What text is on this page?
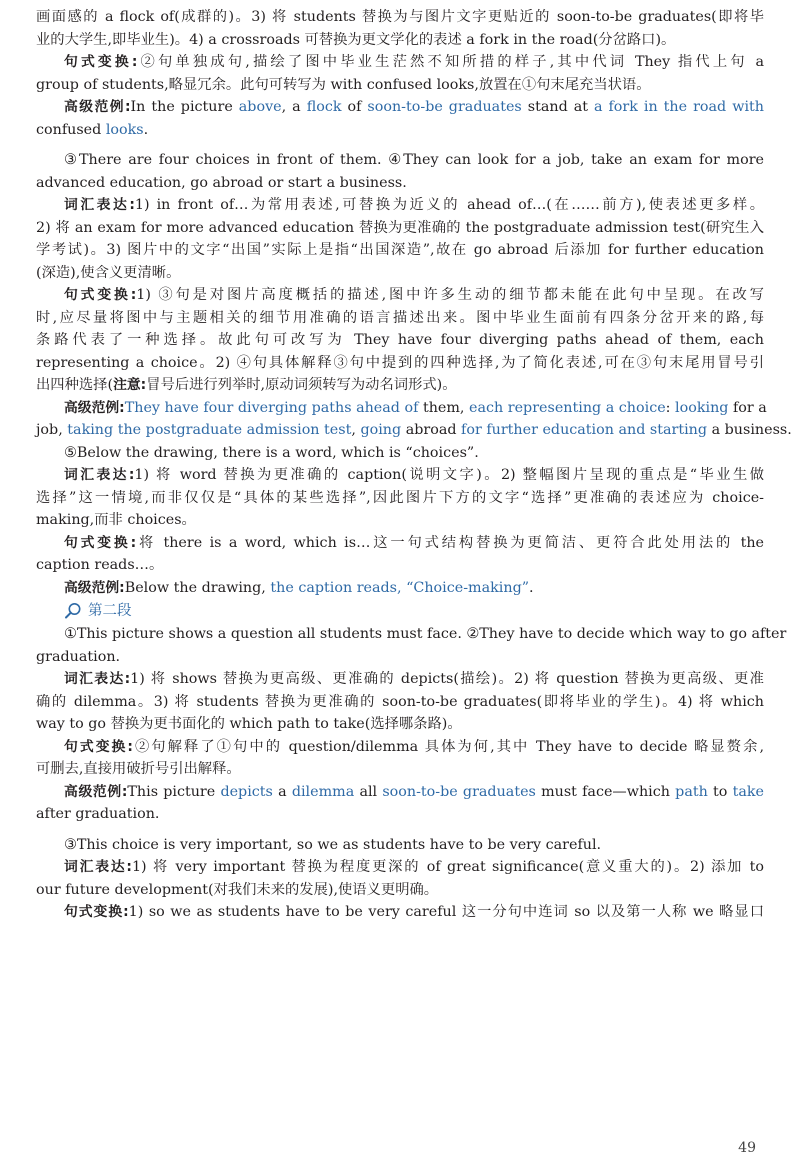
画面感的 a flock of(成群的)。3) 将 students 替换为与图片文字更贴近的 soon-to-be graduates(即将毕
业的大学生,即毕业生)。4) a crossroads 可替换为更文学化的表述 a fork in the road(分岔路口)。
句式变换:②句单独成句,描绘了图中毕业生茫然不知所措的样子,其中代词 They 指代上句 a
group of students,略显冗余。此句可转写为 with confused looks,放置在①句末尾充当状语。
高级范例:In the picture above, a flock of soon-to-be graduates stand at a fork in the road with
confused looks.
③There are four choices in front of them. ④They can look for a job, take an exam for more
advanced education, go abroad or start a business.
词汇表达:1) in front of…为常用表述,可替换为近义的 ahead of…(在……前方),使表述更多样。
2) 将 an exam for more advanced education 替换为更准确的 the postgraduate admission test(研究生入
学考试)。3) 图片中的文字“出国”实际上是指“出国深造”,故在 go abroad 后添加 for further education
(深造),使含义更清晰。
句式变换:1) ③句是对图片高度概括的描述,图中许多生动的细节都未能在此句中呈现。在改写
时,应尽量将图中与主题相关的细节用准确的语言描述出来。图中毕业生面前有四条分岔开来的路,每
条路代表了一种选择。故此句可改写为 They have four diverging paths ahead of them, each
representing a choice。2) ④句具体解释③句中提到的四种选择,为了简化表述,可在③句末尾用冒号引
出四种选择(注意:冒号后进行列举时,原动词须转写为动名词形式)。
高级范例:They have four diverging paths ahead of them, each representing a choice: looking for a
job, taking the postgraduate admission test, going abroad for further education and starting a business.
⑤Below the drawing, there is a word, which is “choices”.
词汇表达:1) 将 word 替换为更准确的 caption(说明文字)。2) 整幅图片呈现的重点是“毕业生做
选择”这一情境,而非仅仅是“具体的某些选择”,因此图片下方的文字“选择”更准确的表述应为 choice-
making,而非 choices。
句式变换:将 there is a word, which is…这一句式结构替换为更简洁、更符合此处用法的 the
caption reads…。
高级范例:Below the drawing, the caption reads, “Choice-making”.
第二段
①This picture shows a question all students must face. ②They have to decide which way to go after
graduation.
词汇表达:1) 将 shows 替换为更高级、更准确的 depicts(描绘)。2) 将 question 替换为更高级、更准
确的 dilemma。3) 将 students 替换为更准确的 soon-to-be graduates(即将毕业的学生)。4) 将 which
way to go 替换为更书面化的 which path to take(选择哪条路)。
句式变换:②句解释了①句中的 question/dilemma 具体为何,其中 They have to decide 略显赘余,
可删去,直接用破折号引出解释。
高级范例:This picture depicts a dilemma all soon-to-be graduates must face—which path to take
after graduation.
③This choice is very important, so we as students have to be very careful.
词汇表达:1) 将 very important 替换为程度更深的 of great significance(意义重大的)。2) 添加 to
our future development(对我们未来的发展),使语义更明确。
句式变换:1) so we as students have to be very careful 这一分句中连词 so 以及第一人称 we 略显口
49
